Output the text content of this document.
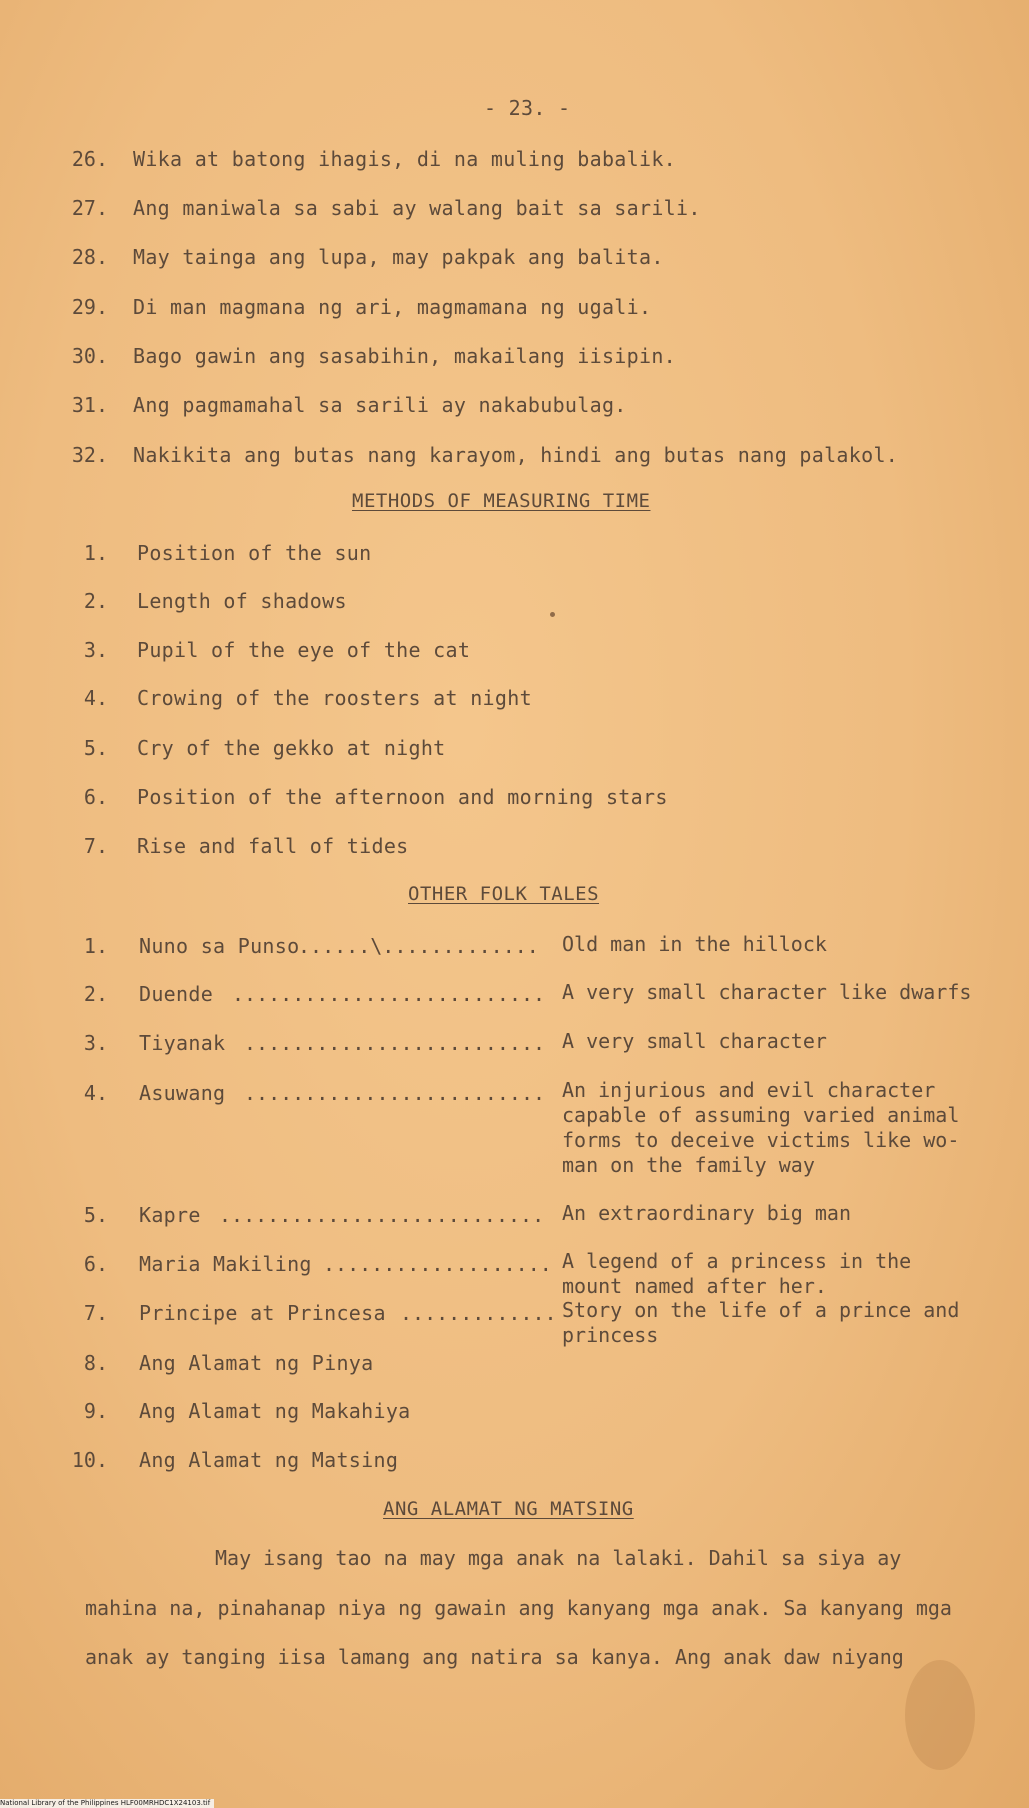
- 23. -
26. Wika at batong ihagis, di na muling babalik.
27. Ang maniwala sa sabi ay walang bait sa sarili.
28. May tainga ang lupa, may pakpak ang balita.
29. Di man magmana ng ari, magmamana ng ugali.
30. Bago gawin ang sasabihin, makailang iisipin.
31. Ang pagmamahal sa sarili ay nakabubulag.
32. Nakikita ang butas nang karayom, hindi ang butas nang palakol.
METHODS OF MEASURING TIME
1. Position of the sun
2. Length of shadows
3. Pupil of the eye of the cat
4. Crowing of the roosters at night
5. Cry of the gekko at night
6. Position of the afternoon and morning stars
7. Rise and fall of tides
OTHER FOLK TALES
1. Nuno sa Punso
......\............. Old man in the hillock
2. Duende .......................... A very small character like dwarfs
3. Tiyanak ......................... A very small character
4. Asuwang ......................... An injurious and evil character
capable of assuming varied animal
forms to deceive victims like wo-
man on the family way
5. Kapre ........................... An extraordinary big man
6. Maria Makiling ................... A legend of a princess in the
mount named after her.
7. Principe at Princesa ............. Story on the life of a prince and
princess
8. Ang Alamat ng Pinya
9. Ang Alamat ng Makahiya
10. Ang Alamat ng Matsing
ANG ALAMAT NG MATSING
May isang tao na may mga anak na lalaki. Dahil sa siya ay
mahina na, pinahanap niya ng gawain ang kanyang mga anak. Sa kanyang mga
anak ay tanging iisa lamang ang natira sa kanya. Ang anak daw niyang
National Library of the Philippines HLF00MRHDC1X24103.tif
